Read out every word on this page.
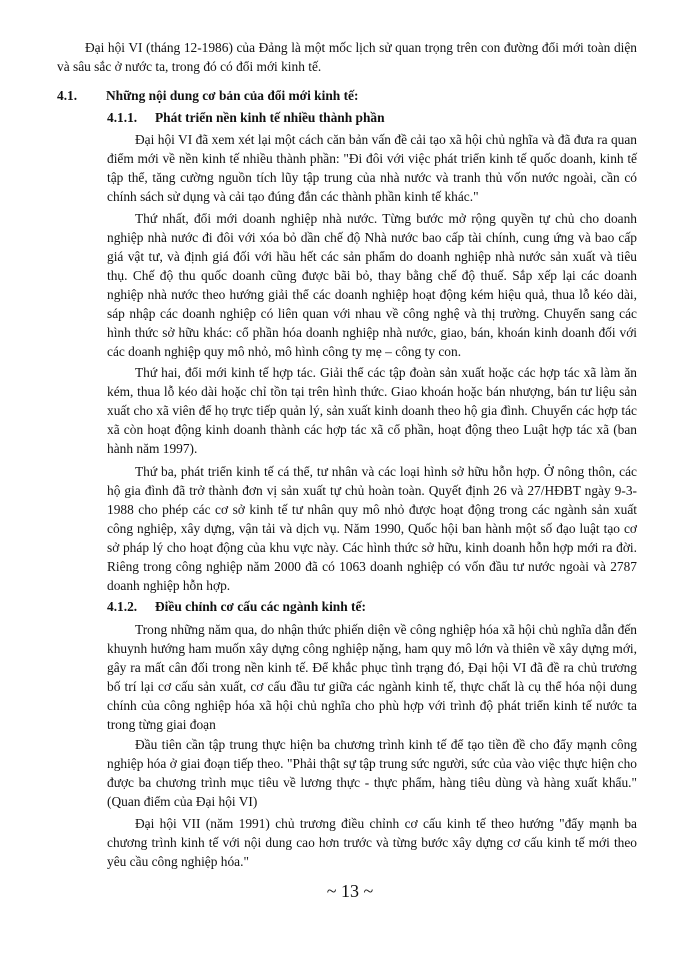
Đại hội VI (tháng 12-1986) của Đảng là một mốc lịch sử quan trọng trên con đường đổi mới toàn diện và sâu sắc ở nước ta, trong đó có đổi mới kinh tế.

4.1. Những nội dung cơ bản của đổi mới kinh tế:
4.1.1. Phát triển nền kinh tế nhiều thành phần

Đại hội VI đã xem xét lại một cách căn bản vấn đề cải tạo xã hội chủ nghĩa và đã đưa ra quan điểm mới về nền kinh tế nhiều thành phần: "Đi đôi với việc phát triển kinh tế quốc doanh, kinh tế tập thể, tăng cường nguồn tích lũy tập trung của nhà nước và tranh thủ vốn nước ngoài, cần có chính sách sử dụng và cải tạo đúng đắn các thành phần kinh tế khác."

Thứ nhất, đổi mới doanh nghiệp nhà nước. Từng bước mở rộng quyền tự chủ cho doanh nghiệp nhà nước đi đôi với xóa bỏ dần chế độ Nhà nước bao cấp tài chính, cung ứng và bao cấp giá vật tư, và định giá đối với hầu hết các sản phẩm do doanh nghiệp nhà nước sản xuất và tiêu thụ. Chế độ thu quốc doanh cũng được bãi bỏ, thay bằng chế độ thuế. Sắp xếp lại các doanh nghiệp nhà nước theo hướng giải thể các doanh nghiệp hoạt động kém hiệu quả, thua lỗ kéo dài, sáp nhập các doanh nghiệp có liên quan với nhau về công nghệ và thị trường. Chuyển sang các hình thức sở hữu khác: cổ phần hóa doanh nghiệp nhà nước, giao, bán, khoán kinh doanh đối với các doanh nghiệp quy mô nhỏ, mô hình công ty mẹ – công ty con.

Thứ hai, đổi mới kinh tế hợp tác. Giải thể các tập đoàn sản xuất hoặc các hợp tác xã làm ăn kém, thua lỗ kéo dài hoặc chỉ tồn tại trên hình thức. Giao khoán hoặc bán nhượng, bán tư liệu sản xuất cho xã viên để họ trực tiếp quản lý, sản xuất kinh doanh theo hộ gia đình. Chuyển các hợp tác xã còn hoạt động kinh doanh thành các hợp tác xã cổ phần, hoạt động theo Luật hợp tác xã (ban hành năm 1997).

Thứ ba, phát triển kinh tế cá thể, tư nhân và các loại hình sở hữu hỗn hợp. Ở nông thôn, các hộ gia đình đã trở thành đơn vị sản xuất tự chủ hoàn toàn. Quyết định 26 và 27/HĐBT ngày 9-3-1988 cho phép các cơ sở kinh tế tư nhân quy mô nhỏ được hoạt động trong các ngành sản xuất công nghiệp, xây dựng, vận tải và dịch vụ. Năm 1990, Quốc hội ban hành một số đạo luật tạo cơ sở pháp lý cho hoạt động của khu vực này. Các hình thức sở hữu, kinh doanh hỗn hợp mới ra đời. Riêng trong công nghiệp năm 2000 đã có 1063 doanh nghiệp có vốn đầu tư nước ngoài và 2787 doanh nghiệp hỗn hợp.

4.1.2. Điều chỉnh cơ cấu các ngành kinh tế:

Trong những năm qua, do nhận thức phiến diện về công nghiệp hóa xã hội chủ nghĩa dẫn đến khuynh hướng ham muốn xây dựng công nghiệp nặng, ham quy mô lớn và thiên về xây dựng mới, gây ra mất cân đối trong nền kinh tế. Để khắc phục tình trạng đó, Đại hội VI đã đề ra chủ trương bố trí lại cơ cấu sản xuất, cơ cấu đầu tư giữa các ngành kinh tế, thực chất là cụ thể hóa nội dung chính của công nghiệp hóa xã hội chủ nghĩa cho phù hợp với trình độ phát triển kinh tế nước ta trong từng giai đoạn

Đầu tiên cần tập trung thực hiện ba chương trình kinh tế để tạo tiền đề cho đẩy mạnh công nghiệp hóa ở giai đoạn tiếp theo. "Phải thật sự tập trung sức người, sức của vào việc thực hiện cho được ba chương trình mục tiêu về lương thực - thực phẩm, hàng tiêu dùng và hàng xuất khẩu." (Quan điểm của Đại hội VI)

Đại hội VII (năm 1991) chủ trương điều chỉnh cơ cấu kinh tế theo hướng "đẩy mạnh ba chương trình kinh tế với nội dung cao hơn trước và từng bước xây dựng cơ cấu kinh tế mới theo yêu cầu công nghiệp hóa."

~ 13 ~
